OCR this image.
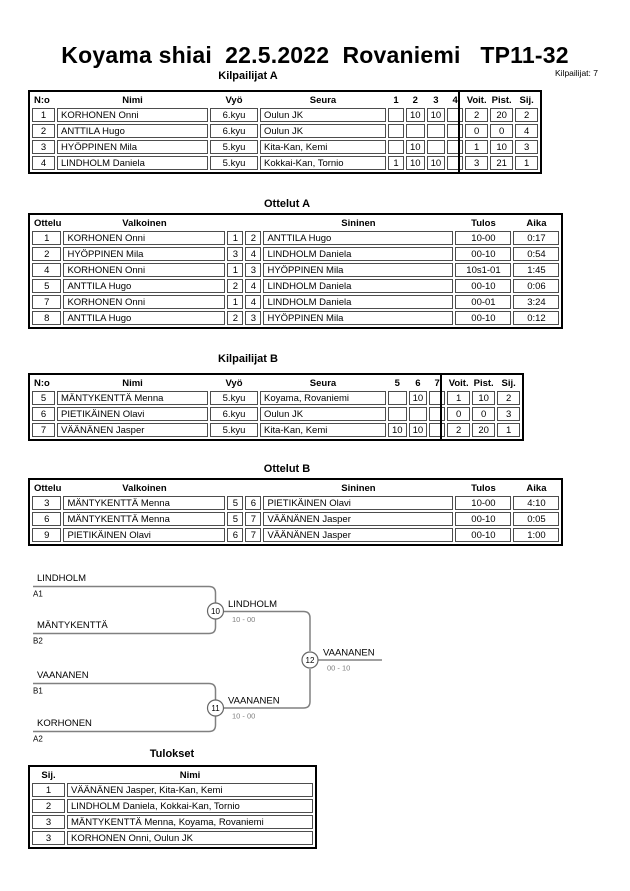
Koyama shiai  22.5.2022  Rovaniemi   TP11-32
Kilpailijat: 7
Kilpailijat A
N:o	Nimi	Vyö	Seura	1	2	3	4	Voit.	Pist.	Sij.
1	KORHONEN Onni	6.kyu	Oulun JK		10	10		2	20	2
2	ANTTILA Hugo	6.kyu	Oulun JK					0	0	4
3	HYÖPPINEN Mila	5.kyu	Kita-Kan, Kemi		10			1	10	3
4	LINDHOLM Daniela	5.kyu	Kokkai-Kan, Tornio	1	10	10		3	21	1
Ottelut A
Ottelu	Valkoinen			Sininen	Tulos	Aika
1	KORHONEN Onni	1	2	ANTTILA Hugo	10-00	0:17
2	HYÖPPINEN Mila	3	4	LINDHOLM Daniela	00-10	0:54
4	KORHONEN Onni	1	3	HYÖPPINEN Mila	10s1-01	1:45
5	ANTTILA Hugo	2	4	LINDHOLM Daniela	00-10	0:06
7	KORHONEN Onni	1	4	LINDHOLM Daniela	00-01	3:24
8	ANTTILA Hugo	2	3	HYÖPPINEN Mila	00-10	0:12
Kilpailijat B
N:o	Nimi	Vyö	Seura	5	6	7	Voit.	Pist.	Sij.
5	MÄNTYKENTTÄ Menna	5.kyu	Koyama, Rovaniemi		10		1	10	2
6	PIETIKÄINEN Olavi	6.kyu	Oulun JK				0	0	3
7	VÄÄNÄNEN Jasper	5.kyu	Kita-Kan, Kemi	10	10		2	20	1
Ottelut B
Ottelu	Valkoinen			Sininen	Tulos	Aika
3	MÄNTYKENTTÄ Menna	5	6	PIETIKÄINEN Olavi	10-00	4:10
6	MÄNTYKENTTÄ Menna	5	7	VÄÄNÄNEN Jasper	00-10	0:05
9	PIETIKÄINEN Olavi	6	7	VÄÄNÄNEN Jasper	00-10	1:00
LINDHOLM
A1
MÄNTYKENTTÄ
B2
VAANANEN
B1
KORHONEN
A2
10
LINDHOLM
10 - 00
11
VAANANEN
10 - 00
12
VAANANEN
00 - 10
Tulokset
Sij.	Nimi
1	VÄÄNÄNEN Jasper, Kita-Kan, Kemi
2	LINDHOLM Daniela, Kokkai-Kan, Tornio
3	MÄNTYKENTTÄ Menna, Koyama, Rovaniemi
3	KORHONEN Onni, Oulun JK
